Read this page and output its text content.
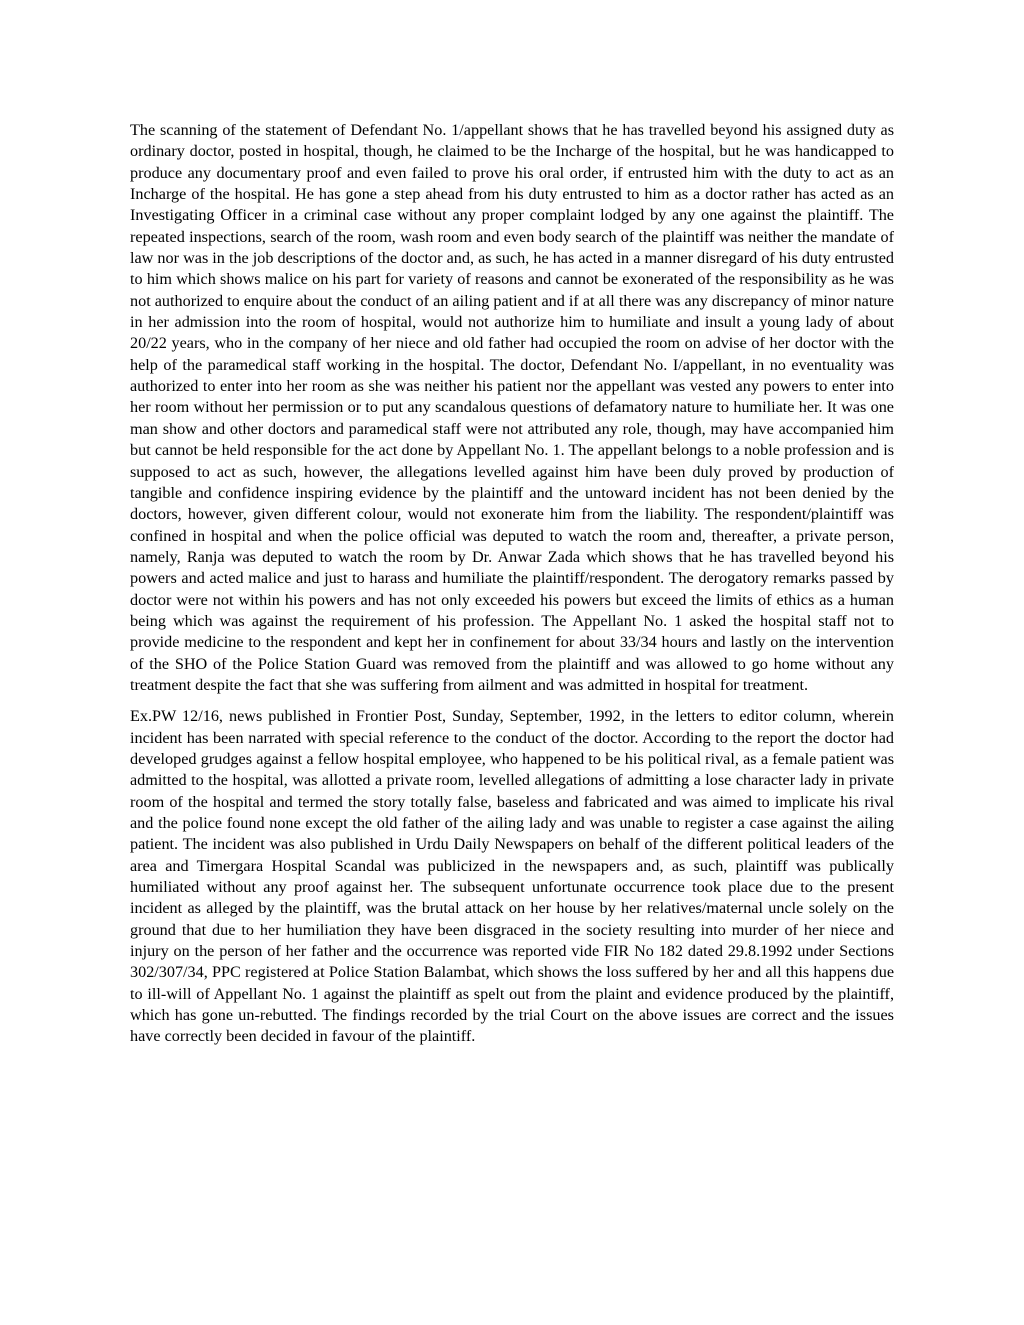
The scanning of the statement of Defendant No. 1/appellant shows that he has travelled beyond his assigned duty as ordinary doctor, posted in hospital, though, he claimed to be the Incharge of the hospital, but he was handicapped to produce any documentary proof and even failed to prove his oral order, if entrusted him with the duty to act as an Incharge of the hospital. He has gone a step ahead from his duty entrusted to him as a doctor rather has acted as an Investigating Officer in a criminal case without any proper complaint lodged by any one against the plaintiff. The repeated inspections, search of the room, wash room and even body search of the plaintiff was neither the mandate of law nor was in the job descriptions of the doctor and, as such, he has acted in a manner disregard of his duty entrusted to him which shows malice on his part for variety of reasons and cannot be exonerated of the responsibility as he was not authorized to enquire about the conduct of an ailing patient and if at all there was any discrepancy of minor nature in her admission into the room of hospital, would not authorize him to humiliate and insult a young lady of about 20/22 years, who in the company of her niece and old father had occupied the room on advise of her doctor with the help of the paramedical staff working in the hospital. The doctor, Defendant No. I/appellant, in no eventuality was authorized to enter into her room as she was neither his patient nor the appellant was vested any powers to enter into her room without her permission or to put any scandalous questions of defamatory nature to humiliate her. It was one man show and other doctors and paramedical staff were not attributed any role, though, may have accompanied him but cannot be held responsible for the act done by Appellant No. 1. The appellant belongs to a noble profession and is supposed to act as such, however, the allegations levelled against him have been duly proved by production of tangible and confidence inspiring evidence by the plaintiff and the untoward incident has not been denied by the doctors, however, given different colour, would not exonerate him from the liability. The respondent/plaintiff was confined in hospital and when the police official was deputed to watch the room and, thereafter, a private person, namely, Ranja was deputed to watch the room by Dr. Anwar Zada which shows that he has travelled beyond his powers and acted malice and just to harass and humiliate the plaintiff/respondent. The derogatory remarks passed by doctor were not within his powers and has not only exceeded his powers but exceed the limits of ethics as a human being which was against the requirement of his profession. The Appellant No. 1 asked the hospital staff not to provide medicine to the respondent and kept her in confinement for about 33/34 hours and lastly on the intervention of the SHO of the Police Station Guard was removed from the plaintiff and was allowed to go home without any treatment despite the fact that she was suffering from ailment and was admitted in hospital for treatment.

Ex.PW 12/16, news published in Frontier Post, Sunday, September, 1992, in the letters to editor column, wherein incident has been narrated with special reference to the conduct of the doctor. According to the report the doctor had developed grudges against a fellow hospital employee, who happened to be his political rival, as a female patient was admitted to the hospital, was allotted a private room, levelled allegations of admitting a lose character lady in private room of the hospital and termed the story totally false, baseless and fabricated and was aimed to implicate his rival and the police found none except the old father of the ailing lady and was unable to register a case against the ailing patient. The incident was also published in Urdu Daily Newspapers on behalf of the different political leaders of the area and Timergara Hospital Scandal was publicized in the newspapers and, as such, plaintiff was publically humiliated without any proof against her. The subsequent unfortunate occurrence took place due to the present incident as alleged by the plaintiff, was the brutal attack on her house by her relatives/maternal uncle solely on the ground that due to her humiliation they have been disgraced in the society resulting into murder of her niece and injury on the person of her father and the occurrence was reported vide FIR No 182 dated 29.8.1992 under Sections 302/307/34, PPC registered at Police Station Balambat, which shows the loss suffered by her and all this happens due to ill-will of Appellant No. 1 against the plaintiff as spelt out from the plaint and evidence produced by the plaintiff, which has gone un-rebutted. The findings recorded by the trial Court on the above issues are correct and the issues have correctly been decided in favour of the plaintiff.
